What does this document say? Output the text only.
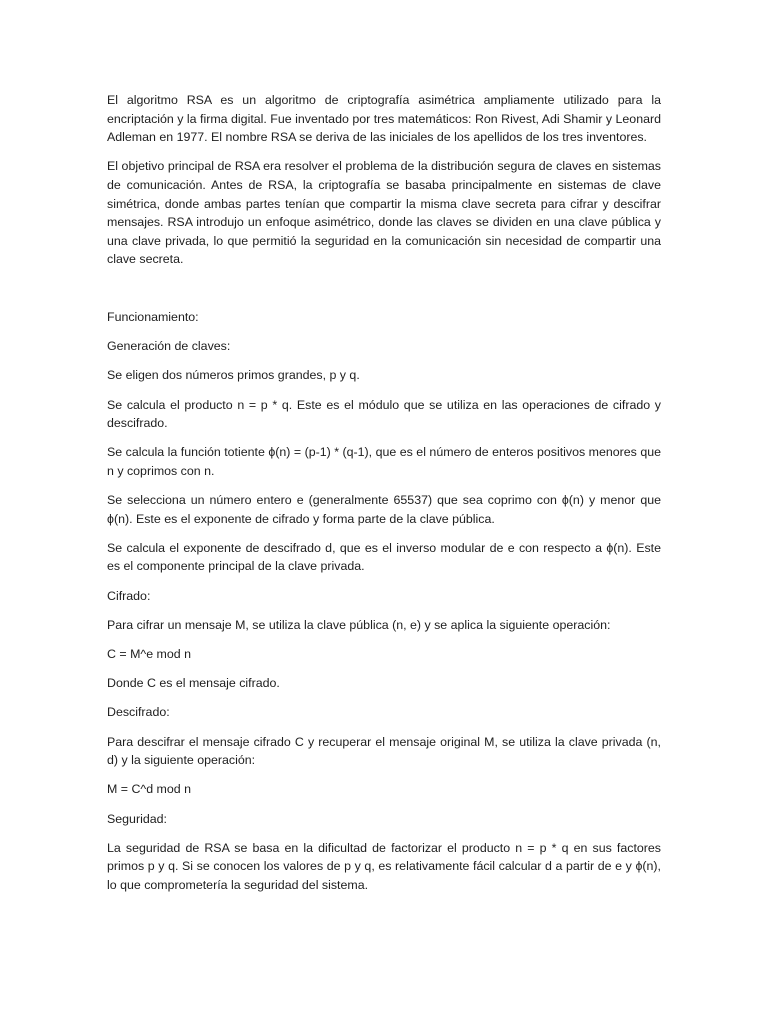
El algoritmo RSA es un algoritmo de criptografía asimétrica ampliamente utilizado para la encriptación y la firma digital. Fue inventado por tres matemáticos: Ron Rivest, Adi Shamir y Leonard Adleman en 1977. El nombre RSA se deriva de las iniciales de los apellidos de los tres inventores.

El objetivo principal de RSA era resolver el problema de la distribución segura de claves en sistemas de comunicación. Antes de RSA, la criptografía se basaba principalmente en sistemas de clave simétrica, donde ambas partes tenían que compartir la misma clave secreta para cifrar y descifrar mensajes. RSA introdujo un enfoque asimétrico, donde las claves se dividen en una clave pública y una clave privada, lo que permitió la seguridad en la comunicación sin necesidad de compartir una clave secreta.

Funcionamiento:

Generación de claves:

Se eligen dos números primos grandes, p y q.

Se calcula el producto n = p * q. Este es el módulo que se utiliza en las operaciones de cifrado y descifrado.

Se calcula la función totiente ϕ(n) = (p-1) * (q-1), que es el número de enteros positivos menores que n y coprimos con n.

Se selecciona un número entero e (generalmente 65537) que sea coprimo con ϕ(n) y menor que ϕ(n). Este es el exponente de cifrado y forma parte de la clave pública.

Se calcula el exponente de descifrado d, que es el inverso modular de e con respecto a ϕ(n). Este es el componente principal de la clave privada.

Cifrado:

Para cifrar un mensaje M, se utiliza la clave pública (n, e) y se aplica la siguiente operación:

C = M^e mod n

Donde C es el mensaje cifrado.

Descifrado:

Para descifrar el mensaje cifrado C y recuperar el mensaje original M, se utiliza la clave privada (n, d) y la siguiente operación:

M = C^d mod n

Seguridad:

La seguridad de RSA se basa en la dificultad de factorizar el producto n = p * q en sus factores primos p y q. Si se conocen los valores de p y q, es relativamente fácil calcular d a partir de e y ϕ(n), lo que comprometería la seguridad del sistema.
